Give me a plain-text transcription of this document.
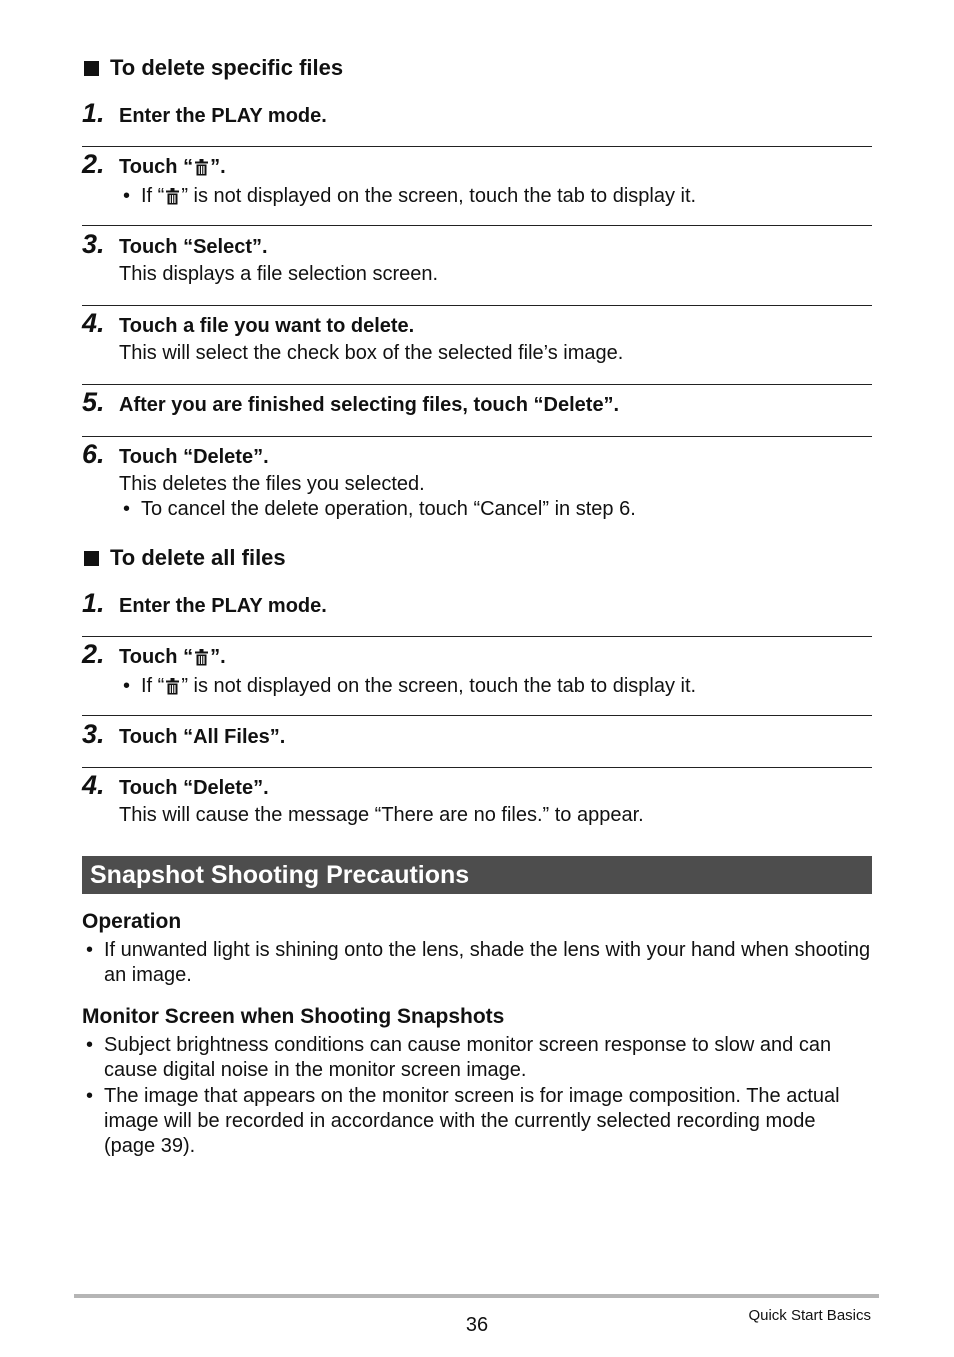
To delete specific files
1. Enter the PLAY mode.
2. Touch “ ”.
• If “ ” is not displayed on the screen, touch the tab to display it.
3. Touch “Select”.
This displays a file selection screen.
4. Touch a file you want to delete.
This will select the check box of the selected file’s image.
5. After you are finished selecting files, touch “Delete”.
6. Touch “Delete”.
This deletes the files you selected.
• To cancel the delete operation, touch “Cancel” in step 6.
To delete all files
1. Enter the PLAY mode.
2. Touch “ ”.
• If “ ” is not displayed on the screen, touch the tab to display it.
3. Touch “All Files”.
4. Touch “Delete”.
This will cause the message “There are no files.” to appear.
Snapshot Shooting Precautions
Operation
• If unwanted light is shining onto the lens, shade the lens with your hand when shooting an image.
Monitor Screen when Shooting Snapshots
• Subject brightness conditions can cause monitor screen response to slow and can cause digital noise in the monitor screen image.
• The image that appears on the monitor screen is for image composition. The actual image will be recorded in accordance with the currently selected recording mode (page 39).
36	Quick Start Basics
